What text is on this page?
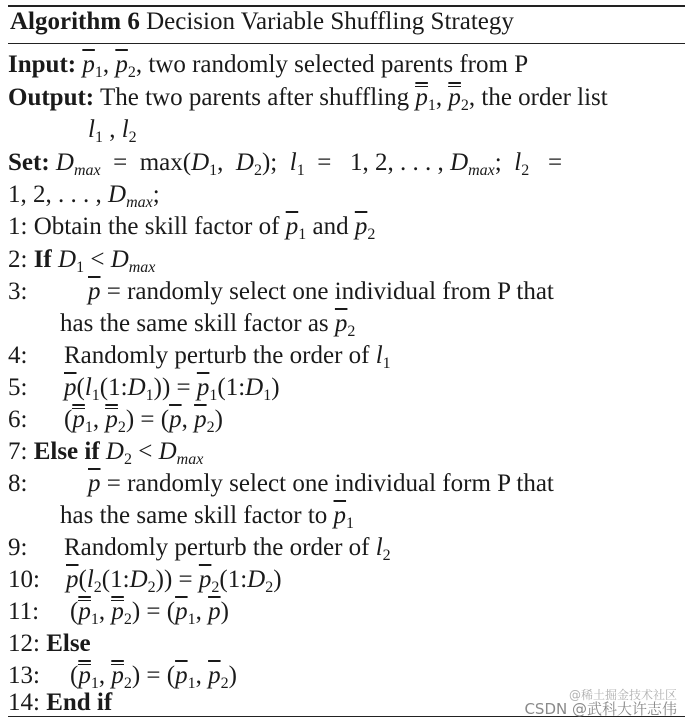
Algorithm 6 Decision Variable Shuffling Strategy
Input: $\overline{p}_1$, $\overline{p}_2$, two randomly selected parents from P
Output: The two parents after shuffling $\overline{p}_1$, $\overline{p}_2$, the order list
$l_1$ , $l_2$
Set: $D_{max} = \max(D_1$,  $D_2$);  $l_1 = 1$, 2, . . . , $D_{max}$;  $l_2$   =
1, 2, . . . , $D_{max}$;
1: Obtain the skill factor of $\overline{p}_1$ and $\overline{p}_2$
2: If $D_1 < D_{max}$
3: $\overline{p}$ = randomly select one individual from P that
has the same skill factor as $\overline{p}_2$
4: Randomly perturb the order of $l_1$
5: $\overline{p}(l_1(1:D_1))$ = $\overline{p}_1(1:D_1)$
6: ($\overline{p}_1$, $\overline{p}_2) = (\overline{p}$, $\overline{p}_2$)
7: Else if $D_2 < D_{max}$
8: $\overline{p}$ = randomly select one individual form P that
has the same skill factor to $\overline{p}_1$
9: Randomly perturb the order of $l_2$
10: $\overline{p}(l_2(1:D_2))$ = $\overline{p}_2(1:D_2)$
11: ($\overline{p}_1$, $\overline{p}_2) = (\overline{p}_1$, $\overline{p}$)
12: Else
13: ($\overline{p}_1$, $\overline{p}_2) = (\overline{p}_1$, $\overline{p}_2$)
14: End if	@稀土掘金技术社区
CSDN @武科大许志伟
